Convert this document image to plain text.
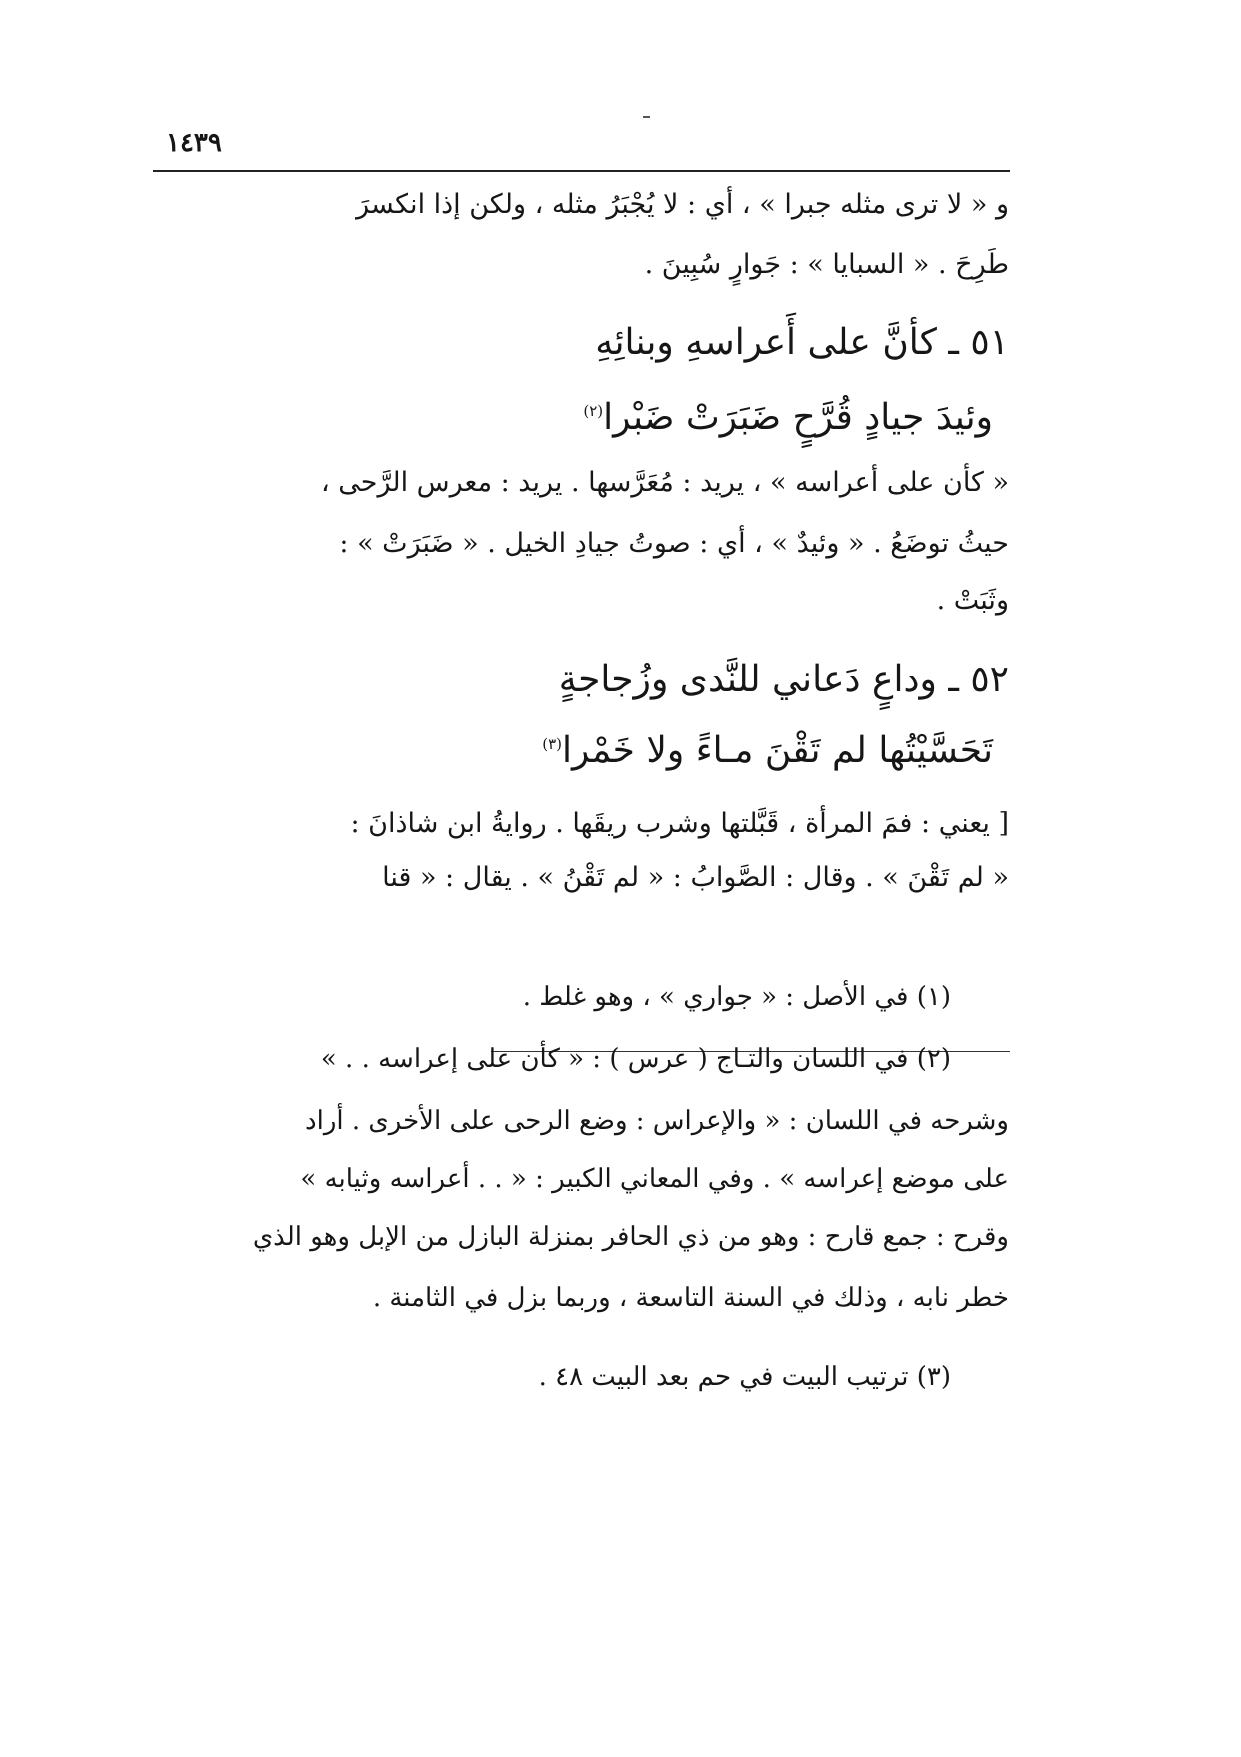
١٤٣٩
و « لا ترى مثله جبرا » ، أي : لا يُجْبَرُ مثله ، ولكن إذا انكسرَ
طَرِحَ . « السبايا » : جَوارٍ سُبِينَ .
٥١ ـ كأنَّ على أَعراسهِ وبنائِهِ
وئيدَ جيادٍ قُرَّحٍ ضَبَرَتْ ضَبْرا$^{(٢)}$
« كأن على أعراسه » ، يريد : مُعَرَّسها . يريد : معرس الرَّحى ،
حيثُ توضَعُ . « وئيدٌ » ، أي : صوتُ جيادِ الخيل . « ضَبَرَتْ » :
وثَبَتْ .
٥٢ ـ وداعٍ دَعاني للنَّدى وزُجاجةٍ
تَحَسَّيْتُها لم تَقْنَ مـاءً ولا خَمْرا$^{(٣)}$
[ يعني : فمَ المرأة ، قَبَّلتها وشرب ريقَها . روايةُ ابن شاذانَ :
« لم تَقْنَ » . وقال : الصَّوابُ : « لم تَقْنُ » . يقال : « قنا
(١) في الأصل : « جواري » ، وهو غلط .
(٢) في اللسان والتـاج ( عرس ) : « كأن على إعراسه . . »
وشرحه في اللسان : « والإعراس : وضع الرحى على الأخرى . أراد
على موضع إعراسه » . وفي المعاني الكبير : « . . أعراسه وثيابه »
وقرح : جمع قارح : وهو من ذي الحافر بمنزلة البازل من الإبل وهو الذي
خطر نابه ، وذلك في السنة التاسعة ، وربما بزل في الثامنة .
(٣) ترتيب البيت في حم بعد البيت ٤٨ .
